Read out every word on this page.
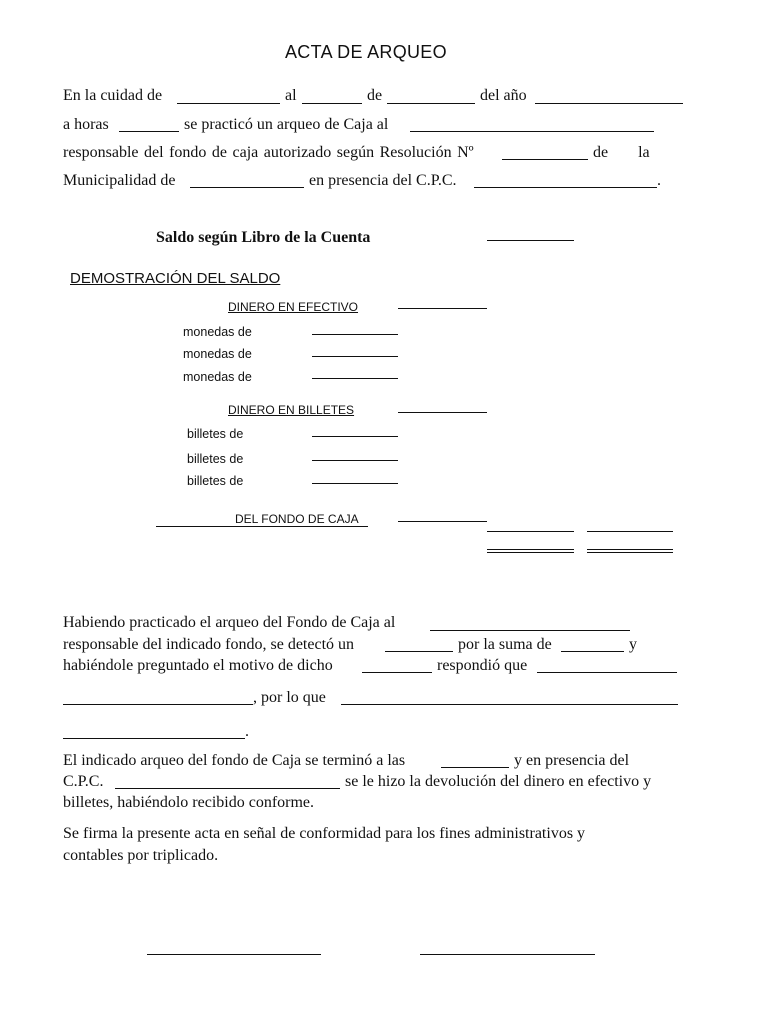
ACTA DE ARQUEO
En la cuidad de	al	de	del año
a horas	se practicó un arqueo de Caja al
responsable del fondo de caja autorizado según Resolución Nº	de la
Municipalidad de	en presencia del C.P.C.	.
Saldo según Libro de la Cuenta
DEMOSTRACIÓN DEL SALDO
DINERO EN EFECTIVO
monedas de
monedas de
monedas de
DINERO EN BILLETES
billetes de
billetes de
billetes de
DEL FONDO DE CAJA
Habiendo practicado el arqueo del Fondo de Caja al
responsable del indicado fondo, se detectó un	por la suma de	y
habiéndole preguntado el motivo de dicho	respondió que
, por lo que
.
El indicado arqueo del fondo de Caja se terminó a las	y en presencia del
C.P.C.	se le hizo la devolución del dinero en efectivo y
billetes, habiéndolo recibido conforme.
Se firma la presente acta en señal de conformidad para los fines administrativos y
contables por triplicado.
